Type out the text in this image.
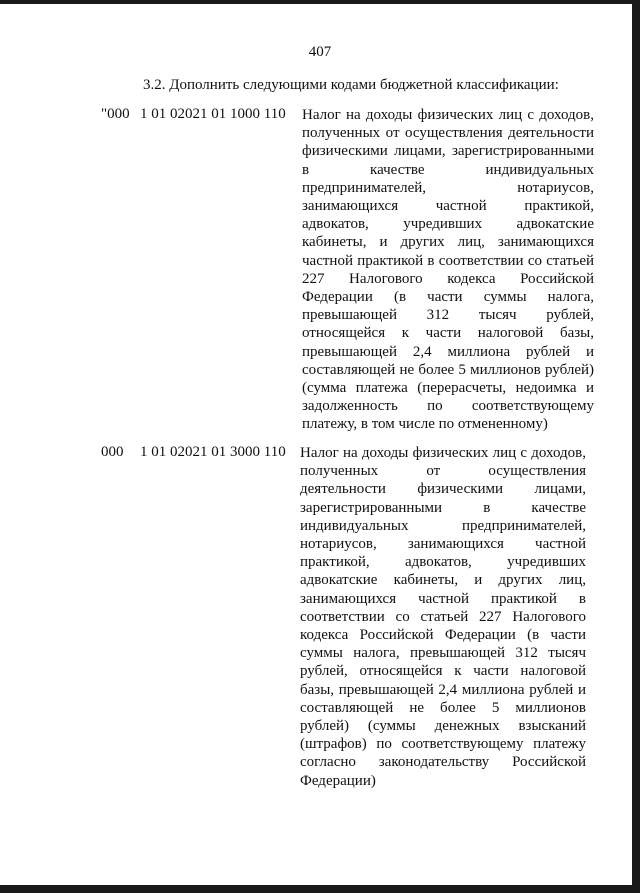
407
3.2. Дополнить следующими кодами бюджетной классификации:
"000 1 01 02021 01 1000 110 Налог на доходы физических лиц с доходов, полученных от осуществления деятельности физическими лицами, зарегистрированными в качестве индивидуальных предпринимателей, нотариусов, занимающихся частной практикой, адвокатов, учредивших адвокатские кабинеты, и других лиц, занимающихся частной практикой в соответствии со статьей 227 Налогового кодекса Российской Федерации (в части суммы налога, превышающей 312 тысяч рублей, относящейся к части налоговой базы, превышающей 2,4 миллиона рублей и составляющей не более 5 миллионов рублей) (сумма платежа (перерасчеты, недоимка и задолженность по соответствующему платежу, в том числе по отмененному)
000 1 01 02021 01 3000 110 Налог на доходы физических лиц с доходов, полученных от осуществления деятельности физическими лицами, зарегистрированными в качестве индивидуальных предпринимателей, нотариусов, занимающихся частной практикой, адвокатов, учредивших адвокатские кабинеты, и других лиц, занимающихся частной практикой в соответствии со статьей 227 Налогового кодекса Российской Федерации (в части суммы налога, превышающей 312 тысяч рублей, относящейся к части налоговой базы, превышающей 2,4 миллиона рублей и составляющей не более 5 миллионов рублей) (суммы денежных взысканий (штрафов) по соответствующему платежу согласно законодательству Российской Федерации)
